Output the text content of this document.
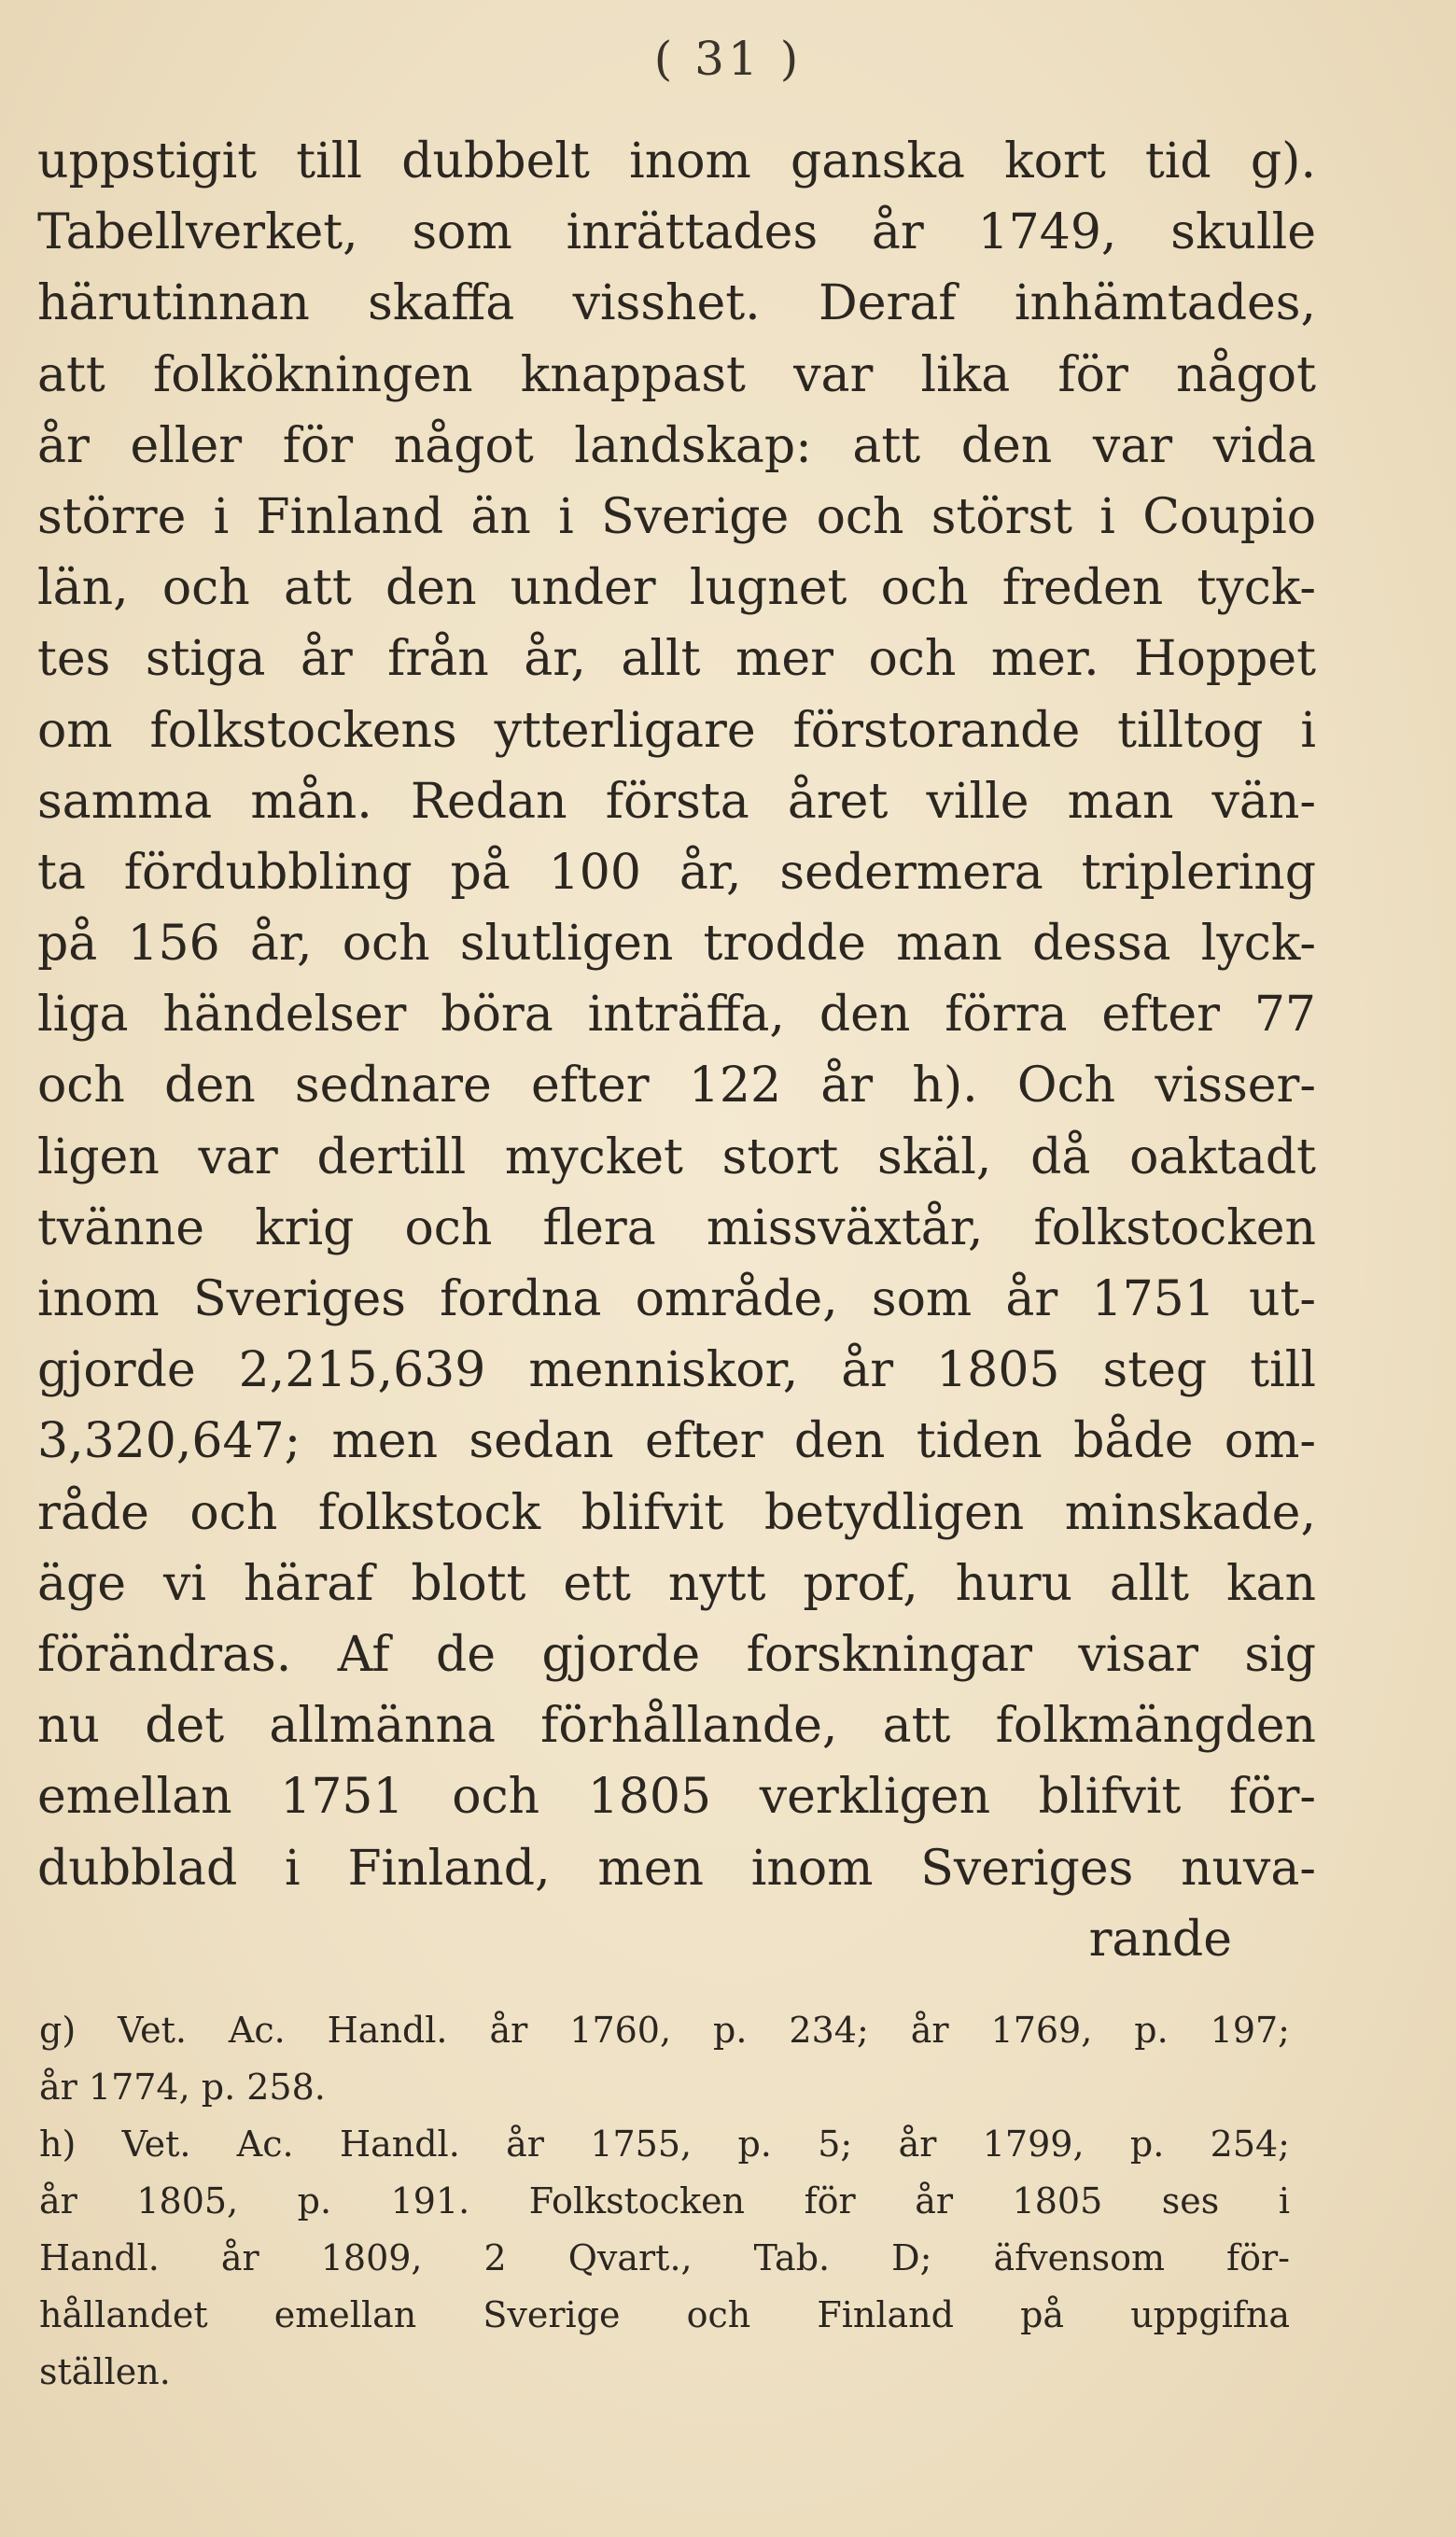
( 31 )
uppstigit till dubbelt inom ganska kort tid g).
Tabellverket, som inrättades år 1749, skulle
härutinnan skaffa visshet. Deraf inhämtades,
att folkökningen knappast var lika för något
år eller för något landskap: att den var vida
större i Finland än i Sverige och störst i Coupio
län, och att den under lugnet och freden tyck-
tes stiga år från år, allt mer och mer. Hoppet
om folkstockens ytterligare förstorande tilltog i
samma mån. Redan första året ville man vän-
ta fördubbling på 100 år, sedermera triplering
på 156 år, och slutligen trodde man dessa lyck-
liga händelser böra inträffa, den förra efter 77
och den sednare efter 122 år h). Och visser-
ligen var dertill mycket stort skäl, då oaktadt
tvänne krig och flera missväxtår, folkstocken
inom Sveriges fordna område, som år 1751 ut-
gjorde 2,215,639 menniskor, år 1805 steg till
3,320,647; men sedan efter den tiden både om-
råde och folkstock blifvit betydligen minskade,
äge vi häraf blott ett nytt prof, huru allt kan
förändras. Af de gjorde forskningar visar sig
nu det allmänna förhållande, att folkmängden
emellan 1751 och 1805 verkligen blifvit för-
dubblad i Finland, men inom Sveriges nuva-
rande
g) Vet. Ac. Handl. år 1760, p. 234; år 1769, p. 197;
år 1774, p. 258.
h) Vet. Ac. Handl. år 1755, p. 5; år 1799, p. 254;
år 1805, p. 191. Folkstocken för år 1805 ses i
Handl. år 1809, 2 Qvart., Tab. D; äfvensom för-
hållandet emellan Sverige och Finland på uppgifna
ställen.
